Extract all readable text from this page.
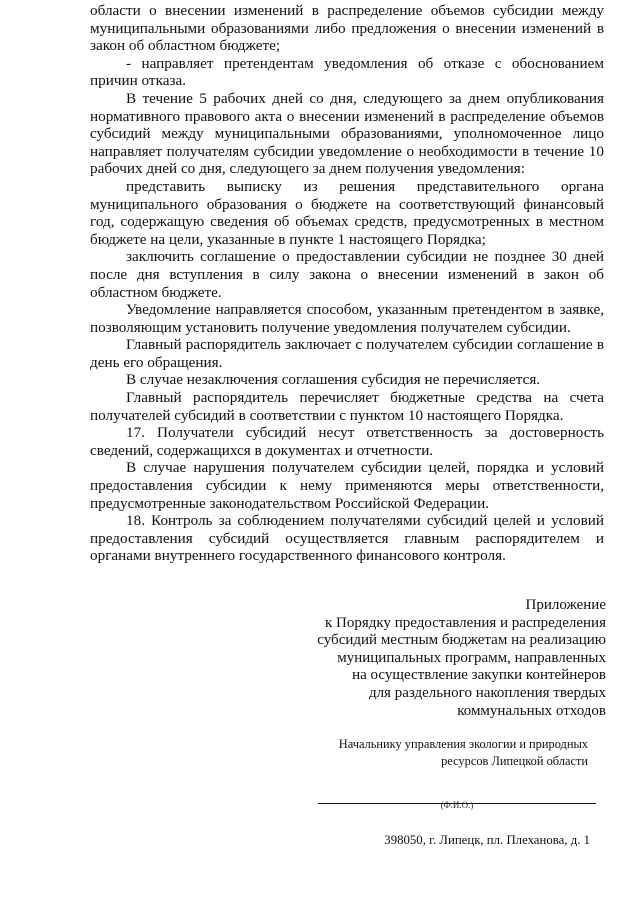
области о внесении изменений в распределение объемов субсидии между муниципальными образованиями либо предложения о внесении изменений в закон об областном бюджете;

- направляет претендентам уведомления об отказе с обоснованием причин отказа.

В течение 5 рабочих дней со дня, следующего за днем опубликования нормативного правового акта о внесении изменений в распределение объемов субсидий между муниципальными образованиями, уполномоченное лицо направляет получателям субсидии уведомление о необходимости в течение 10 рабочих дней со дня, следующего за днем получения уведомления:

представить выписку из решения представительного органа муниципального образования о бюджете на соответствующий финансовый год, содержащую сведения об объемах средств, предусмотренных в местном бюджете на цели, указанные в пункте 1 настоящего Порядка;

заключить соглашение о предоставлении субсидии не позднее 30 дней после дня вступления в силу закона о внесении изменений в закон об областном бюджете.

Уведомление направляется способом, указанным претендентом в заявке, позволяющим установить получение уведомления получателем субсидии.

Главный распорядитель заключает с получателем субсидии соглашение в день его обращения.

В случае незаключения соглашения субсидия не перечисляется.

Главный распорядитель перечисляет бюджетные средства на счета получателей субсидий в соответствии с пунктом 10 настоящего Порядка.

17. Получатели субсидий несут ответственность за достоверность сведений, содержащихся в документах и отчетности.

В случае нарушения получателем субсидии целей, порядка и условий предоставления субсидии к нему применяются меры ответственности, предусмотренные законодательством Российской Федерации.

18. Контроль за соблюдением получателями субсидий целей и условий предоставления субсидий осуществляется главным распорядителем и органами внутреннего государственного финансового контроля.

Приложение
к Порядку предоставления и распределения
субсидий местным бюджетам на реализацию
муниципальных программ, направленных
на осуществление закупки контейнеров
для раздельного накопления твердых
коммунальных отходов
Начальнику управления экологии и природных
ресурсов Липецкой области
(Ф.И.О.)
398050, г. Липецк, пл. Плеханова, д. 1
